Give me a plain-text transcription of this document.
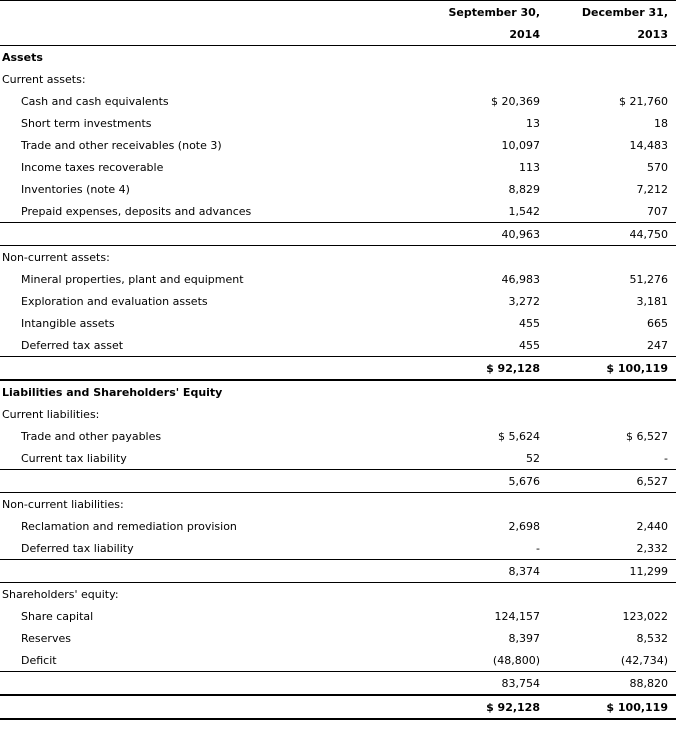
	September 30,	December 31,
	2014	2013
Assets		
Current assets:		
Cash and cash equivalents	$ 20,369	$ 21,760
Short term investments	13	18
Trade and other receivables (note 3)	10,097	14,483
Income taxes recoverable	113	570
Inventories (note 4)	8,829	7,212
Prepaid expenses, deposits and advances	1,542	707
	40,963	44,750
Non-current assets:		
Mineral properties, plant and equipment	46,983	51,276
Exploration and evaluation assets	3,272	3,181
Intangible assets	455	665
Deferred tax asset	455	247
	$ 92,128	$ 100,119
Liabilities and Shareholders' Equity		
Current liabilities:		
Trade and other payables	$ 5,624	$ 6,527
Current tax liability	52	-
	5,676	6,527
Non-current liabilities:		
Reclamation and remediation provision	2,698	2,440
Deferred tax liability	-	2,332
	8,374	11,299
Shareholders' equity:		
Share capital	124,157	123,022
Reserves	8,397	8,532
Deficit	(48,800)	(42,734)
	83,754	88,820
	$ 92,128	$ 100,119
